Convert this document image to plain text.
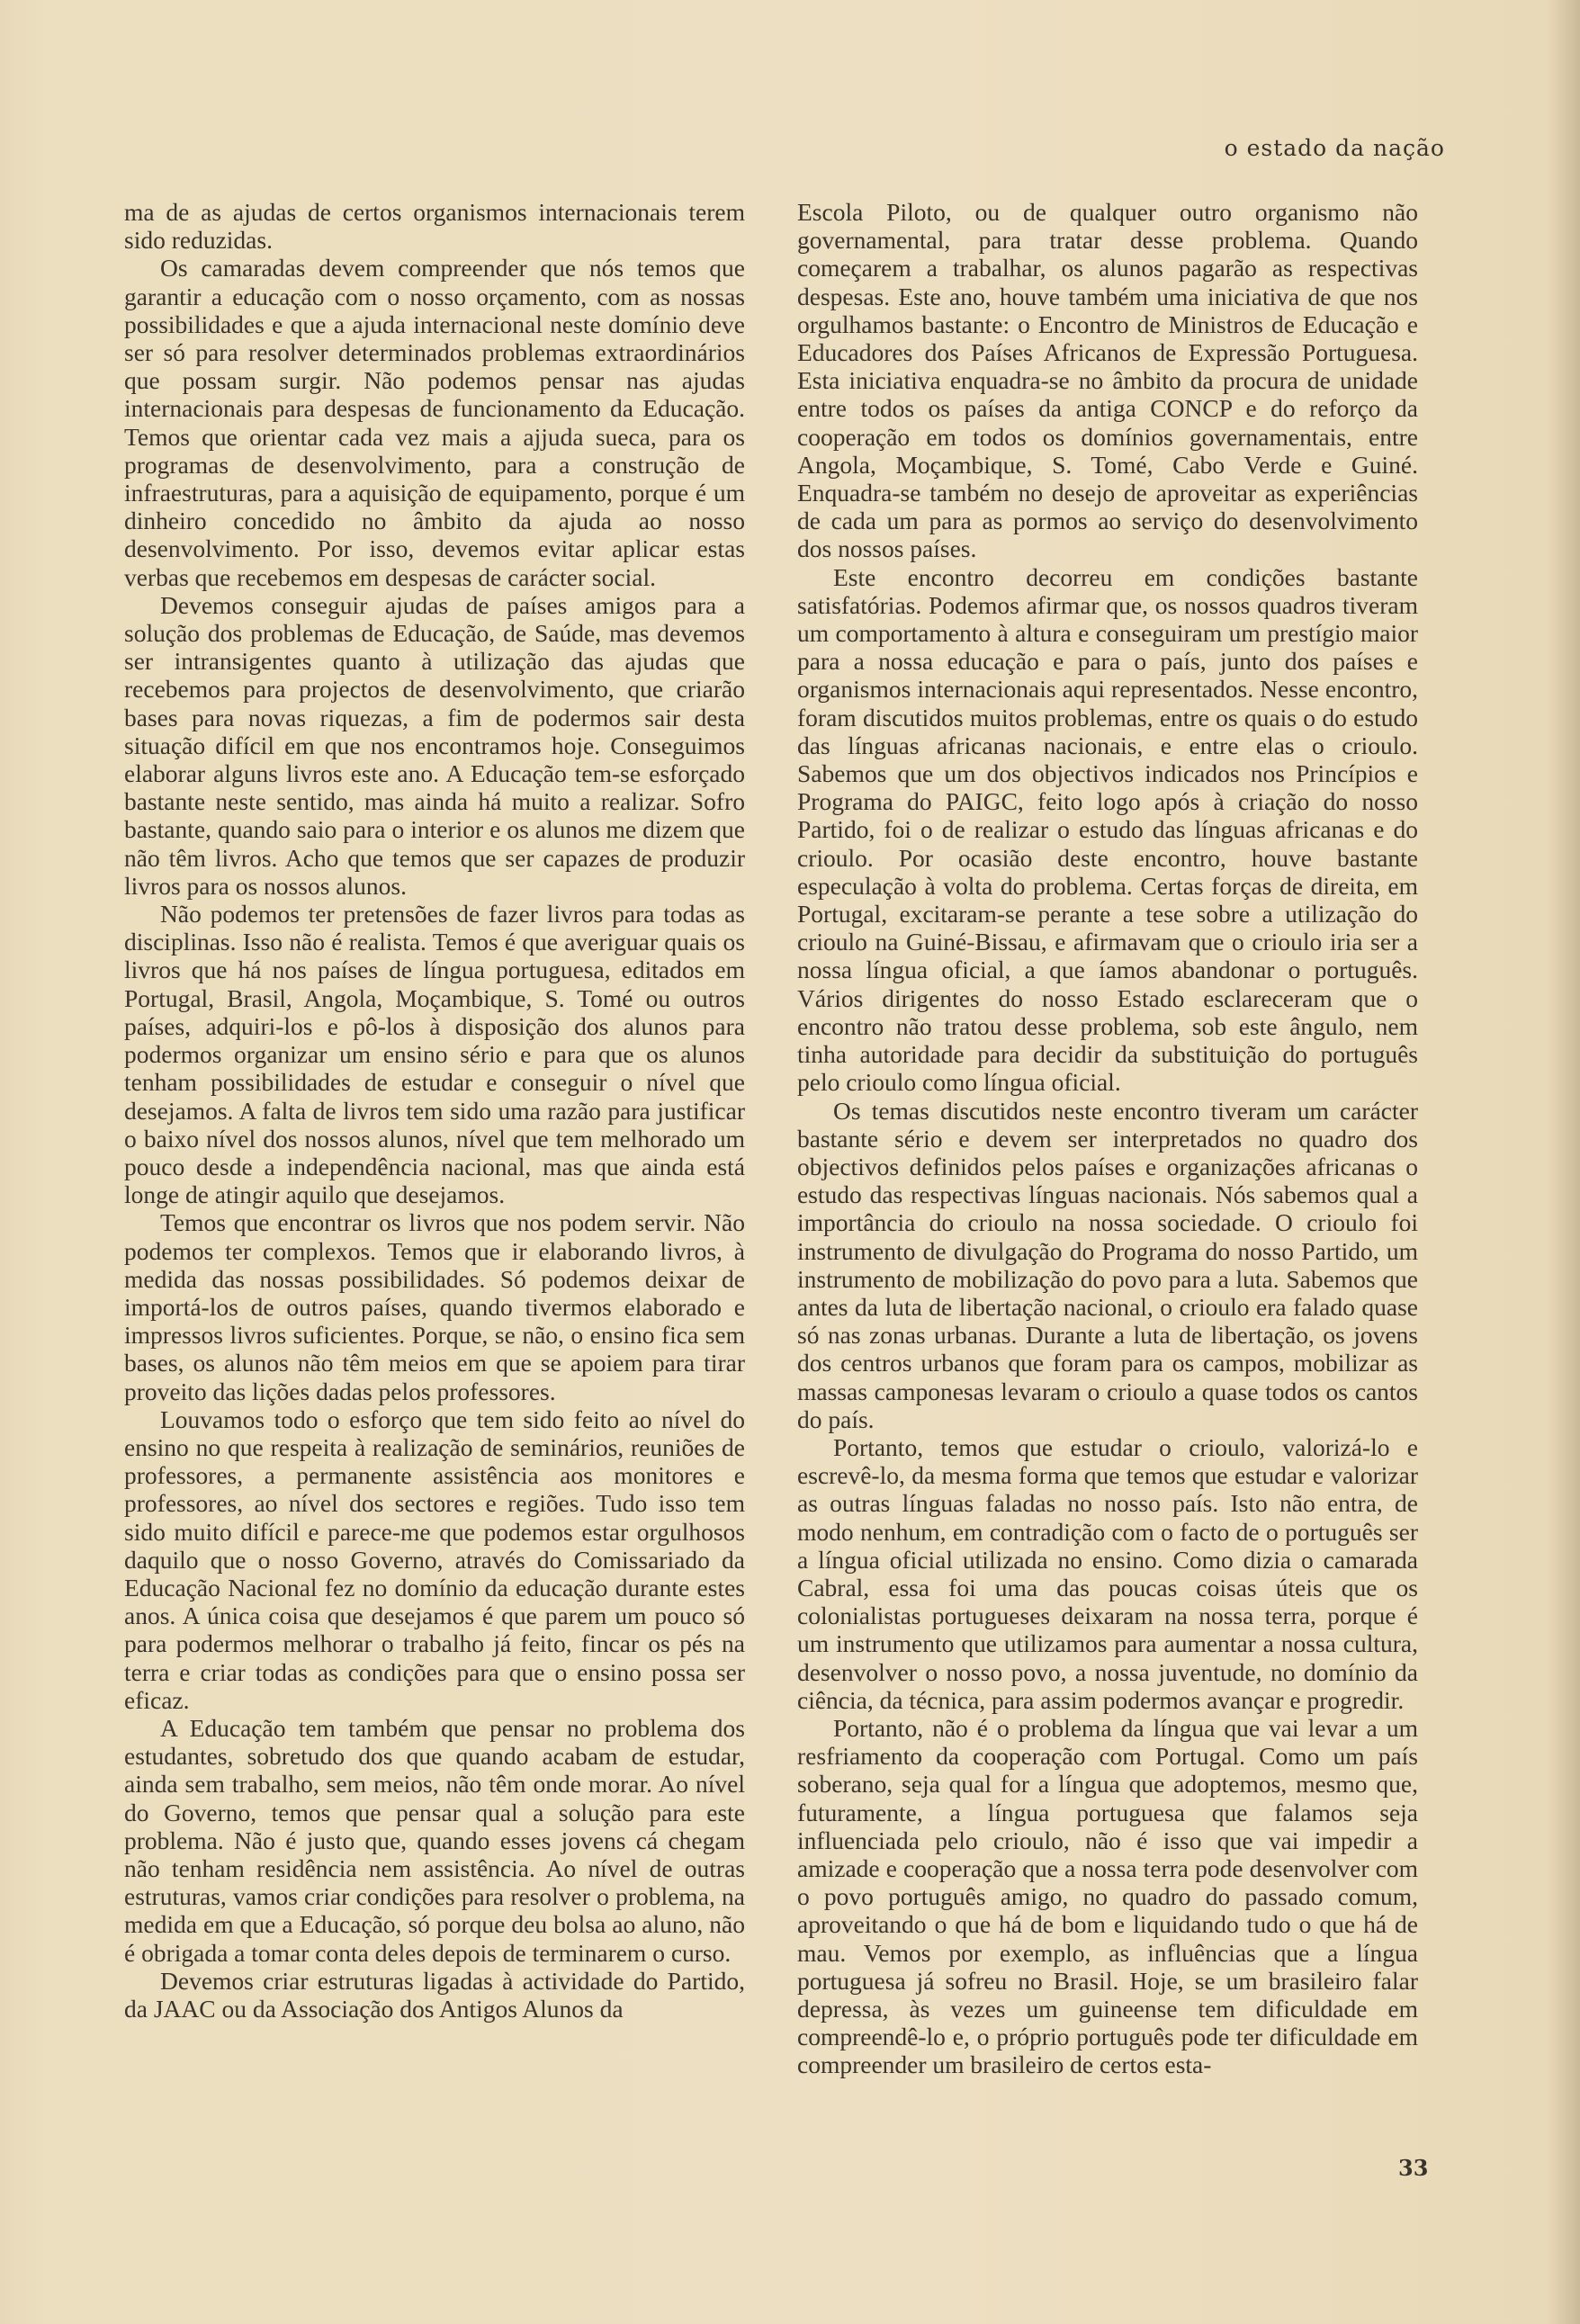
o estado da nação

ma de as ajudas de certos organismos internacionais terem sido reduzidas.

Os camaradas devem compreender que nós temos que garantir a educação com o nosso orçamento, com as nossas possibilidades e que a ajuda internacional neste domínio deve ser só para resolver determinados problemas extraordinários que possam surgir. Não podemos pensar nas ajudas internacionais para despesas de funcionamento da Educação. Temos que orientar cada vez mais a ajjuda sueca, para os programas de desenvolvimento, para a construção de infraestruturas, para a aquisição de equipamento, porque é um dinheiro concedido no âmbito da ajuda ao nosso desenvolvimento. Por isso, devemos evitar aplicar estas verbas que recebemos em despesas de carácter social.

Devemos conseguir ajudas de países amigos para a solução dos problemas de Educação, de Saúde, mas devemos ser intransigentes quanto à utilização das ajudas que recebemos para projectos de desenvolvimento, que criarão bases para novas riquezas, a fim de podermos sair desta situação difícil em que nos encontramos hoje. Conseguimos elaborar alguns livros este ano. A Educação tem-se esforçado bastante neste sentido, mas ainda há muito a realizar. Sofro bastante, quando saio para o interior e os alunos me dizem que não têm livros. Acho que temos que ser capazes de produzir livros para os nossos alunos.

Não podemos ter pretensões de fazer livros para todas as disciplinas. Isso não é realista. Temos é que averiguar quais os livros que há nos países de língua portuguesa, editados em Portugal, Brasil, Angola, Moçambique, S. Tomé ou outros países, adquiri-los e pô-los à disposição dos alunos para podermos organizar um ensino sério e para que os alunos tenham possibilidades de estudar e conseguir o nível que desejamos. A falta de livros tem sido uma razão para justificar o baixo nível dos nossos alunos, nível que tem melhorado um pouco desde a independência nacional, mas que ainda está longe de atingir aquilo que desejamos.

Temos que encontrar os livros que nos podem servir. Não podemos ter complexos. Temos que ir elaborando livros, à medida das nossas possibilidades. Só podemos deixar de importá-los de outros países, quando tivermos elaborado e impressos livros suficientes. Porque, se não, o ensino fica sem bases, os alunos não têm meios em que se apoiem para tirar proveito das lições dadas pelos professores.

Louvamos todo o esforço que tem sido feito ao nível do ensino no que respeita à realização de seminários, reuniões de professores, a permanente assistência aos monitores e professores, ao nível dos sectores e regiões. Tudo isso tem sido muito difícil e parece-me que podemos estar orgulhosos daquilo que o nosso Governo, através do Comissariado da Educação Nacional fez no domínio da educação durante estes anos. A única coisa que desejamos é que parem um pouco só para podermos melhorar o trabalho já feito, fincar os pés na terra e criar todas as condições para que o ensino possa ser eficaz.

A Educação tem também que pensar no problema dos estudantes, sobretudo dos que quando acabam de estudar, ainda sem trabalho, sem meios, não têm onde morar. Ao nível do Governo, temos que pensar qual a solução para este problema. Não é justo que, quando esses jovens cá chegam não tenham residência nem assistência. Ao nível de outras estruturas, vamos criar condições para resolver o problema, na medida em que a Educação, só porque deu bolsa ao aluno, não é obrigada a tomar conta deles depois de terminarem o curso.

Devemos criar estruturas ligadas à actividade do Partido, da JAAC ou da Associação dos Antigos Alunos da

Escola Piloto, ou de qualquer outro organismo não governamental, para tratar desse problema. Quando começarem a trabalhar, os alunos pagarão as respectivas despesas. Este ano, houve também uma iniciativa de que nos orgulhamos bastante: o Encontro de Ministros de Educação e Educadores dos Países Africanos de Expressão Portuguesa. Esta iniciativa enquadra-se no âmbito da procura de unidade entre todos os países da antiga CONCP e do reforço da cooperação em todos os domínios governamentais, entre Angola, Moçambique, S. Tomé, Cabo Verde e Guiné. Enquadra-se também no desejo de aproveitar as experiências de cada um para as pormos ao serviço do desenvolvimento dos nossos países.

Este encontro decorreu em condições bastante satisfatórias. Podemos afirmar que, os nossos quadros tiveram um comportamento à altura e conseguiram um prestígio maior para a nossa educação e para o país, junto dos países e organismos internacionais aqui representados. Nesse encontro, foram discutidos muitos problemas, entre os quais o do estudo das línguas africanas nacionais, e entre elas o crioulo. Sabemos que um dos objectivos indicados nos Princípios e Programa do PAIGC, feito logo após à criação do nosso Partido, foi o de realizar o estudo das línguas africanas e do crioulo. Por ocasião deste encontro, houve bastante especulação à volta do problema. Certas forças de direita, em Portugal, excitaram-se perante a tese sobre a utilização do crioulo na Guiné-Bissau, e afirmavam que o crioulo iria ser a nossa língua oficial, a que íamos abandonar o português. Vários dirigentes do nosso Estado esclareceram que o encontro não tratou desse problema, sob este ângulo, nem tinha autoridade para decidir da substituição do português pelo crioulo como língua oficial.

Os temas discutidos neste encontro tiveram um carácter bastante sério e devem ser interpretados no quadro dos objectivos definidos pelos países e organizações africanas o estudo das respectivas línguas nacionais. Nós sabemos qual a importância do crioulo na nossa sociedade. O crioulo foi instrumento de divulgação do Programa do nosso Partido, um instrumento de mobilização do povo para a luta. Sabemos que antes da luta de libertação nacional, o crioulo era falado quase só nas zonas urbanas. Durante a luta de libertação, os jovens dos centros urbanos que foram para os campos, mobilizar as massas camponesas levaram o crioulo a quase todos os cantos do país.

Portanto, temos que estudar o crioulo, valorizá-lo e escrevê-lo, da mesma forma que temos que estudar e valorizar as outras línguas faladas no nosso país. Isto não entra, de modo nenhum, em contradição com o facto de o português ser a língua oficial utilizada no ensino. Como dizia o camarada Cabral, essa foi uma das poucas coisas úteis que os colonialistas portugueses deixaram na nossa terra, porque é um instrumento que utilizamos para aumentar a nossa cultura, desenvolver o nosso povo, a nossa juventude, no domínio da ciência, da técnica, para assim podermos avançar e progredir.

Portanto, não é o problema da língua que vai levar a um resfriamento da cooperação com Portugal. Como um país soberano, seja qual for a língua que adoptemos, mesmo que, futuramente, a língua portuguesa que falamos seja influenciada pelo crioulo, não é isso que vai impedir a amizade e cooperação que a nossa terra pode desenvolver com o povo português amigo, no quadro do passado comum, aproveitando o que há de bom e liquidando tudo o que há de mau. Vemos por exemplo, as influências que a língua portuguesa já sofreu no Brasil. Hoje, se um brasileiro falar depressa, às vezes um guineense tem dificuldade em compreendê-lo e, o próprio português pode ter dificuldade em compreender um brasileiro de certos esta-

33
